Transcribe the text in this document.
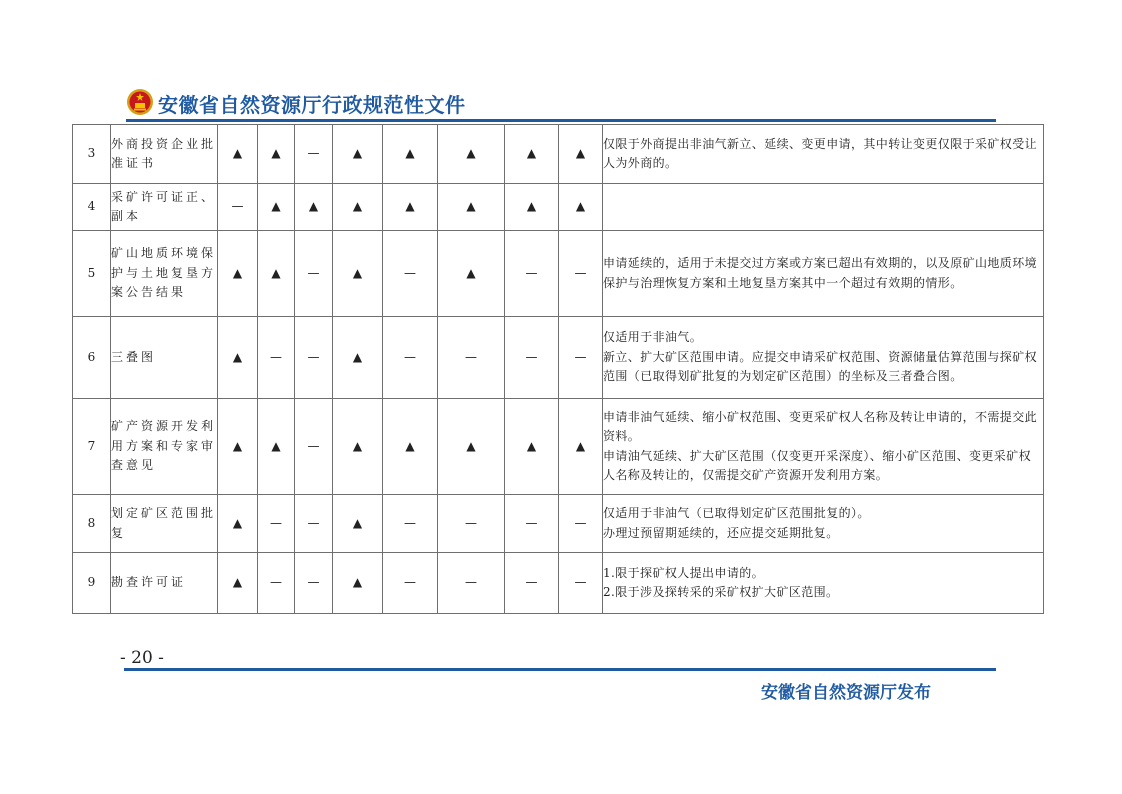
安徽省自然资源厅行政规范性文件
3	外商投资企业批准证书	▲	▲	—	▲	▲	▲	▲	▲	仅限于外商提出非油气新立、延续、变更申请，其中转让变更仅限于采矿权受让人为外商的。

4	采矿许可证正、副本	—	▲	▲	▲	▲	▲	▲	▲	
5	矿山地质环境保护与土地复垦方案公告结果	▲	▲	—	▲	—	▲	—	—	申请延续的，适用于未提交过方案或方案已超出有效期的，以及原矿山地质环境保护与治理恢复方案和土地复垦方案其中一个超过有效期的情形。

6	三叠图	▲	—	—	▲	—	—	—	—	仅适用于非油气。
新立、扩大矿区范围申请。应提交申请采矿权范围、资源储量估算范围与探矿权范围（已取得划矿批复的为划定矿区范围）的坐标及三者叠合图。

7	矿产资源开发利用方案和专家审查意见	▲	▲	—	▲	▲	▲	▲	▲	申请非油气延续、缩小矿权范围、变更采矿权人名称及转让申请的，不需提交此资料。
申请油气延续、扩大矿区范围（仅变更开采深度）、缩小矿区范围、变更采矿权人名称及转让的，仅需提交矿产资源开发利用方案。

8	划定矿区范围批复	▲	—	—	▲	—	—	—	—	仅适用于非油气（已取得划定矿区范围批复的）。
办理过预留期延续的，还应提交延期批复。

9	勘查许可证	▲	—	—	▲	—	—	—	—	1.限于探矿权人提出申请的。
2.限于涉及探转采的采矿权扩大矿区范围。
- 20 -
安徽省自然资源厅发布
